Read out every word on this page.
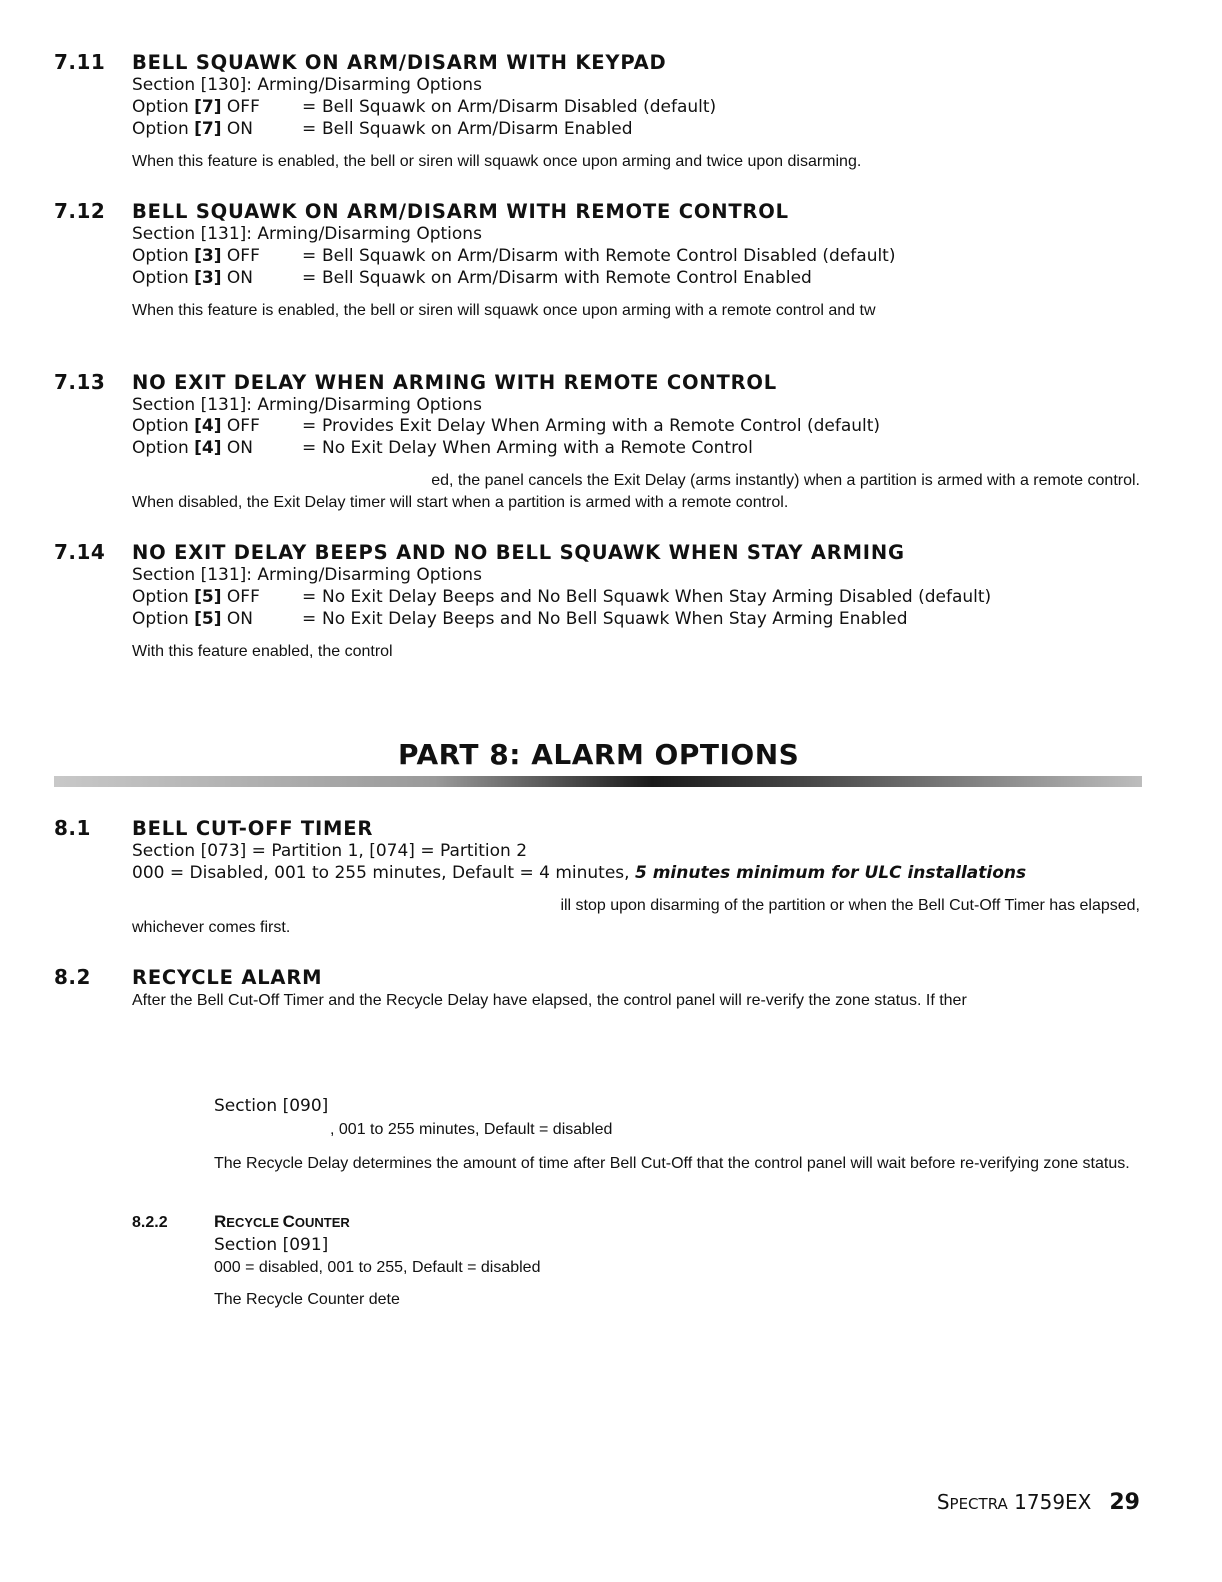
7.11 BELL SQUAWK ON ARM/DISARM WITH KEYPAD
Section [130]: Arming/Disarming Options
Option [7] OFF = Bell Squawk on Arm/Disarm Disabled (default)
Option [7] ON	= Bell Squawk on Arm/Disarm Enabled
When this feature is enabled, the bell or siren will squawk once upon arming and twice upon disarming.
7.12 BELL SQUAWK ON ARM/DISARM WITH REMOTE CONTROL
Section [131]: Arming/Disarming Options
Option [3] OFF = Bell Squawk on Arm/Disarm with Remote Control Disabled (default)
Option [3] ON	= Bell Squawk on Arm/Disarm with Remote Control Enabled
When this feature is enabled, the bell or siren will squawk once upon arming with a remote control and tw
7.13 NO EXIT DELAY WHEN ARMING WITH REMOTE CONTROL
Section [131]: Arming/Disarming Options
Option [4] OFF = Provides Exit Delay When Arming with a Remote Control (default)
Option [4] ON	= No Exit Delay When Arming with a Remote Control
ed, the panel cancels the Exit Delay (arms instantly) when a partition is armed with a remote control.
When disabled, the Exit Delay timer will start when a partition is armed with a remote control.
7.14 NO EXIT DELAY BEEPS AND NO BELL SQUAWK WHEN STAY ARMING
Section [131]: Arming/Disarming Options
Option [5] OFF = No Exit Delay Beeps and No Bell Squawk When Stay Arming Disabled (default)
Option [5] ON	= No Exit Delay Beeps and No Bell Squawk When Stay Arming Enabled
With this feature enabled, the control
PART 8: ALARM OPTIONS
8.1 BELL CUT-OFF TIMER
Section [073] = Partition 1, [074] = Partition 2
000 = Disabled, 001 to 255 minutes, Default = 4 minutes, 5 minutes minimum for ULC installations
ill stop upon disarming of the partition or when the Bell Cut-Off Timer has elapsed,
whichever comes first.
8.2 RECYCLE ALARM
After the Bell Cut-Off Timer and the Recycle Delay have elapsed, the control panel will re-verify the zone status. If ther
Section [090]
, 001 to 255 minutes, Default = disabled
The Recycle Delay determines the amount of time after Bell Cut-Off that the control panel will wait before re-verifying zone status.
8.2.2	RECYCLE COUNTER
Section [091]
000 = disabled, 001 to 255, Default = disabled
The Recycle Counter dete
SPECTRA 1759EX 29
